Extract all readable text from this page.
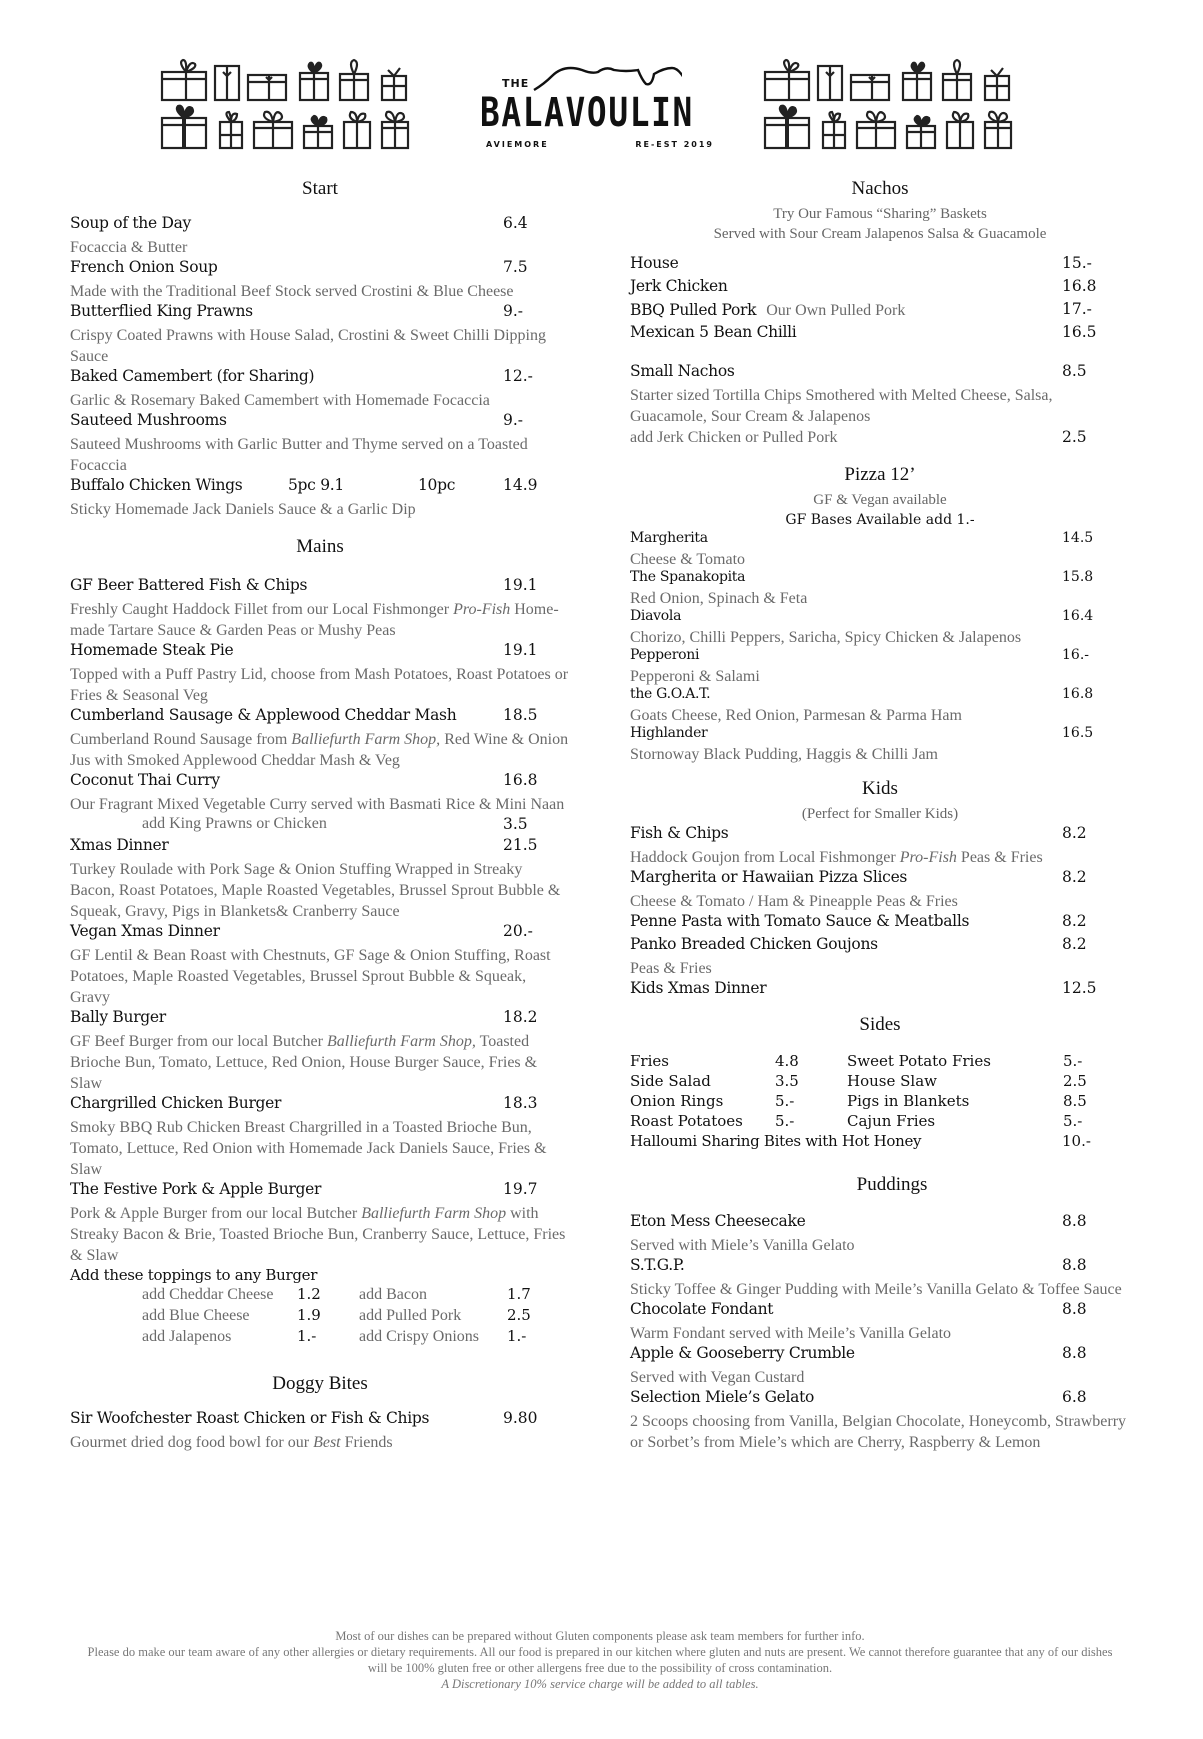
THE
BALAVOULIN
AVIEMORE	RE-EST 2019
Start
Soup of the Day	6.4
Focaccia & Butter
French Onion Soup	7.5
Made with the Traditional Beef Stock served Crostini & Blue Cheese
Butterflied King Prawns	9.-
Crispy Coated Prawns with House Salad, Crostini & Sweet Chilli Dipping Sauce
Baked Camembert (for Sharing)	12.-
Garlic & Rosemary Baked Camembert with Homemade Focaccia
Sauteed Mushrooms	9.-
Sauteed Mushrooms with Garlic Butter and Thyme served on a Toasted Focaccia
Buffalo Chicken Wings	5pc 9.1	10pc	14.9
Sticky Homemade Jack Daniels Sauce & a Garlic Dip
Mains
GF Beer Battered Fish & Chips	19.1
Freshly Caught Haddock Fillet from our Local Fishmonger Pro-Fish Home-made Tartare Sauce & Garden Peas or Mushy Peas
Homemade Steak Pie	19.1
Topped with a Puff Pastry Lid, choose from Mash Potatoes, Roast Potatoes or Fries & Seasonal Veg
Cumberland Sausage & Applewood Cheddar Mash	18.5
Cumberland Round Sausage from Balliefurth Farm Shop, Red Wine & Onion Jus with Smoked Applewood Cheddar Mash & Veg
Coconut Thai Curry	16.8
Our Fragrant Mixed Vegetable Curry served with Basmati Rice & Mini Naan
add King Prawns or Chicken	3.5
Xmas Dinner	21.5
Turkey Roulade with Pork Sage & Onion Stuffing Wrapped in Streaky Bacon, Roast Potatoes, Maple Roasted Vegetables, Brussel Sprout Bubble & Squeak, Gravy, Pigs in Blankets& Cranberry Sauce
Vegan Xmas Dinner	20.-
GF Lentil & Bean Roast with Chestnuts, GF Sage & Onion Stuffing, Roast Potatoes, Maple Roasted Vegetables, Brussel Sprout Bubble & Squeak, Gravy
Bally Burger	18.2
GF Beef Burger from our local Butcher Balliefurth Farm Shop, Toasted Brioche Bun, Tomato, Lettuce, Red Onion, House Burger Sauce, Fries & Slaw
Chargrilled Chicken Burger	18.3
Smoky BBQ Rub Chicken Breast Chargrilled in a Toasted Brioche Bun, Tomato, Lettuce, Red Onion with Homemade Jack Daniels Sauce, Fries & Slaw
The Festive Pork & Apple Burger	19.7
Pork & Apple Burger from our local Butcher Balliefurth Farm Shop with Streaky Bacon & Brie, Toasted Brioche Bun, Cranberry Sauce, Lettuce, Fries & Slaw
Add these toppings to any Burger
add Cheddar Cheese	1.2	add Bacon	1.7
add Blue Cheese	1.9	add Pulled Pork	2.5
add Jalapenos	1.-	add Crispy Onions	1.-
Doggy Bites
Sir Woofchester Roast Chicken or Fish & Chips	9.80
Gourmet dried dog food bowl for our Best Friends
Nachos
Try Our Famous “Sharing” Baskets
Served with Sour Cream Jalapenos Salsa & Guacamole
House	15.-
Jerk Chicken	16.8
BBQ Pulled Pork Our Own Pulled Pork	17.-
Mexican 5 Bean Chilli	16.5
Small Nachos	8.5
Starter sized Tortilla Chips Smothered with Melted Cheese, Salsa, Guacamole, Sour Cream & Jalapenos
add Jerk Chicken or Pulled Pork	2.5
Pizza 12’
GF & Vegan available
GF Bases Available add 1.-
Margherita	14.5
Cheese & Tomato
The Spanakopita	15.8
Red Onion, Spinach & Feta
Diavola	16.4
Chorizo, Chilli Peppers, Saricha, Spicy Chicken & Jalapenos
Pepperoni	16.-
Pepperoni & Salami
the G.O.A.T.	16.8
Goats Cheese, Red Onion, Parmesan & Parma Ham
Highlander	16.5
Stornoway Black Pudding, Haggis & Chilli Jam
Kids
(Perfect for Smaller Kids)
Fish & Chips	8.2
Haddock Goujon from Local Fishmonger Pro-Fish Peas & Fries
Margherita or Hawaiian Pizza Slices	8.2
Cheese & Tomato / Ham & Pineapple Peas & Fries
Penne Pasta with Tomato Sauce & Meatballs	8.2
Panko Breaded Chicken Goujons	8.2
Peas & Fries
Kids Xmas Dinner	12.5
Sides
Fries	4.8	Sweet Potato Fries	5.-
Side Salad	3.5	House Slaw	2.5
Onion Rings	5.-	Pigs in Blankets	8.5
Roast Potatoes	5.-	Cajun Fries	5.-
Halloumi Sharing Bites with Hot Honey	10.-
Puddings
Eton Mess Cheesecake	8.8
Served with Miele’s Vanilla Gelato
S.T.G.P.	8.8
Sticky Toffee & Ginger Pudding with Meile’s Vanilla Gelato & Toffee Sauce
Chocolate Fondant	8.8
Warm Fondant served with Meile’s Vanilla Gelato
Apple & Gooseberry Crumble	8.8
Served with Vegan Custard
Selection Miele’s Gelato	6.8
2 Scoops choosing from Vanilla, Belgian Chocolate, Honeycomb, Strawberry or Sorbet’s from Miele’s which are Cherry, Raspberry & Lemon
Most of our dishes can be prepared without Gluten components please ask team members for further info.
Please do make our team aware of any other allergies or dietary requirements. All our food is prepared in our kitchen where gluten and nuts are present. We cannot therefore guarantee that any of our dishes will be 100% gluten free or other allergens free due to the possibility of cross contamination.
A Discretionary 10% service charge will be added to all tables.
